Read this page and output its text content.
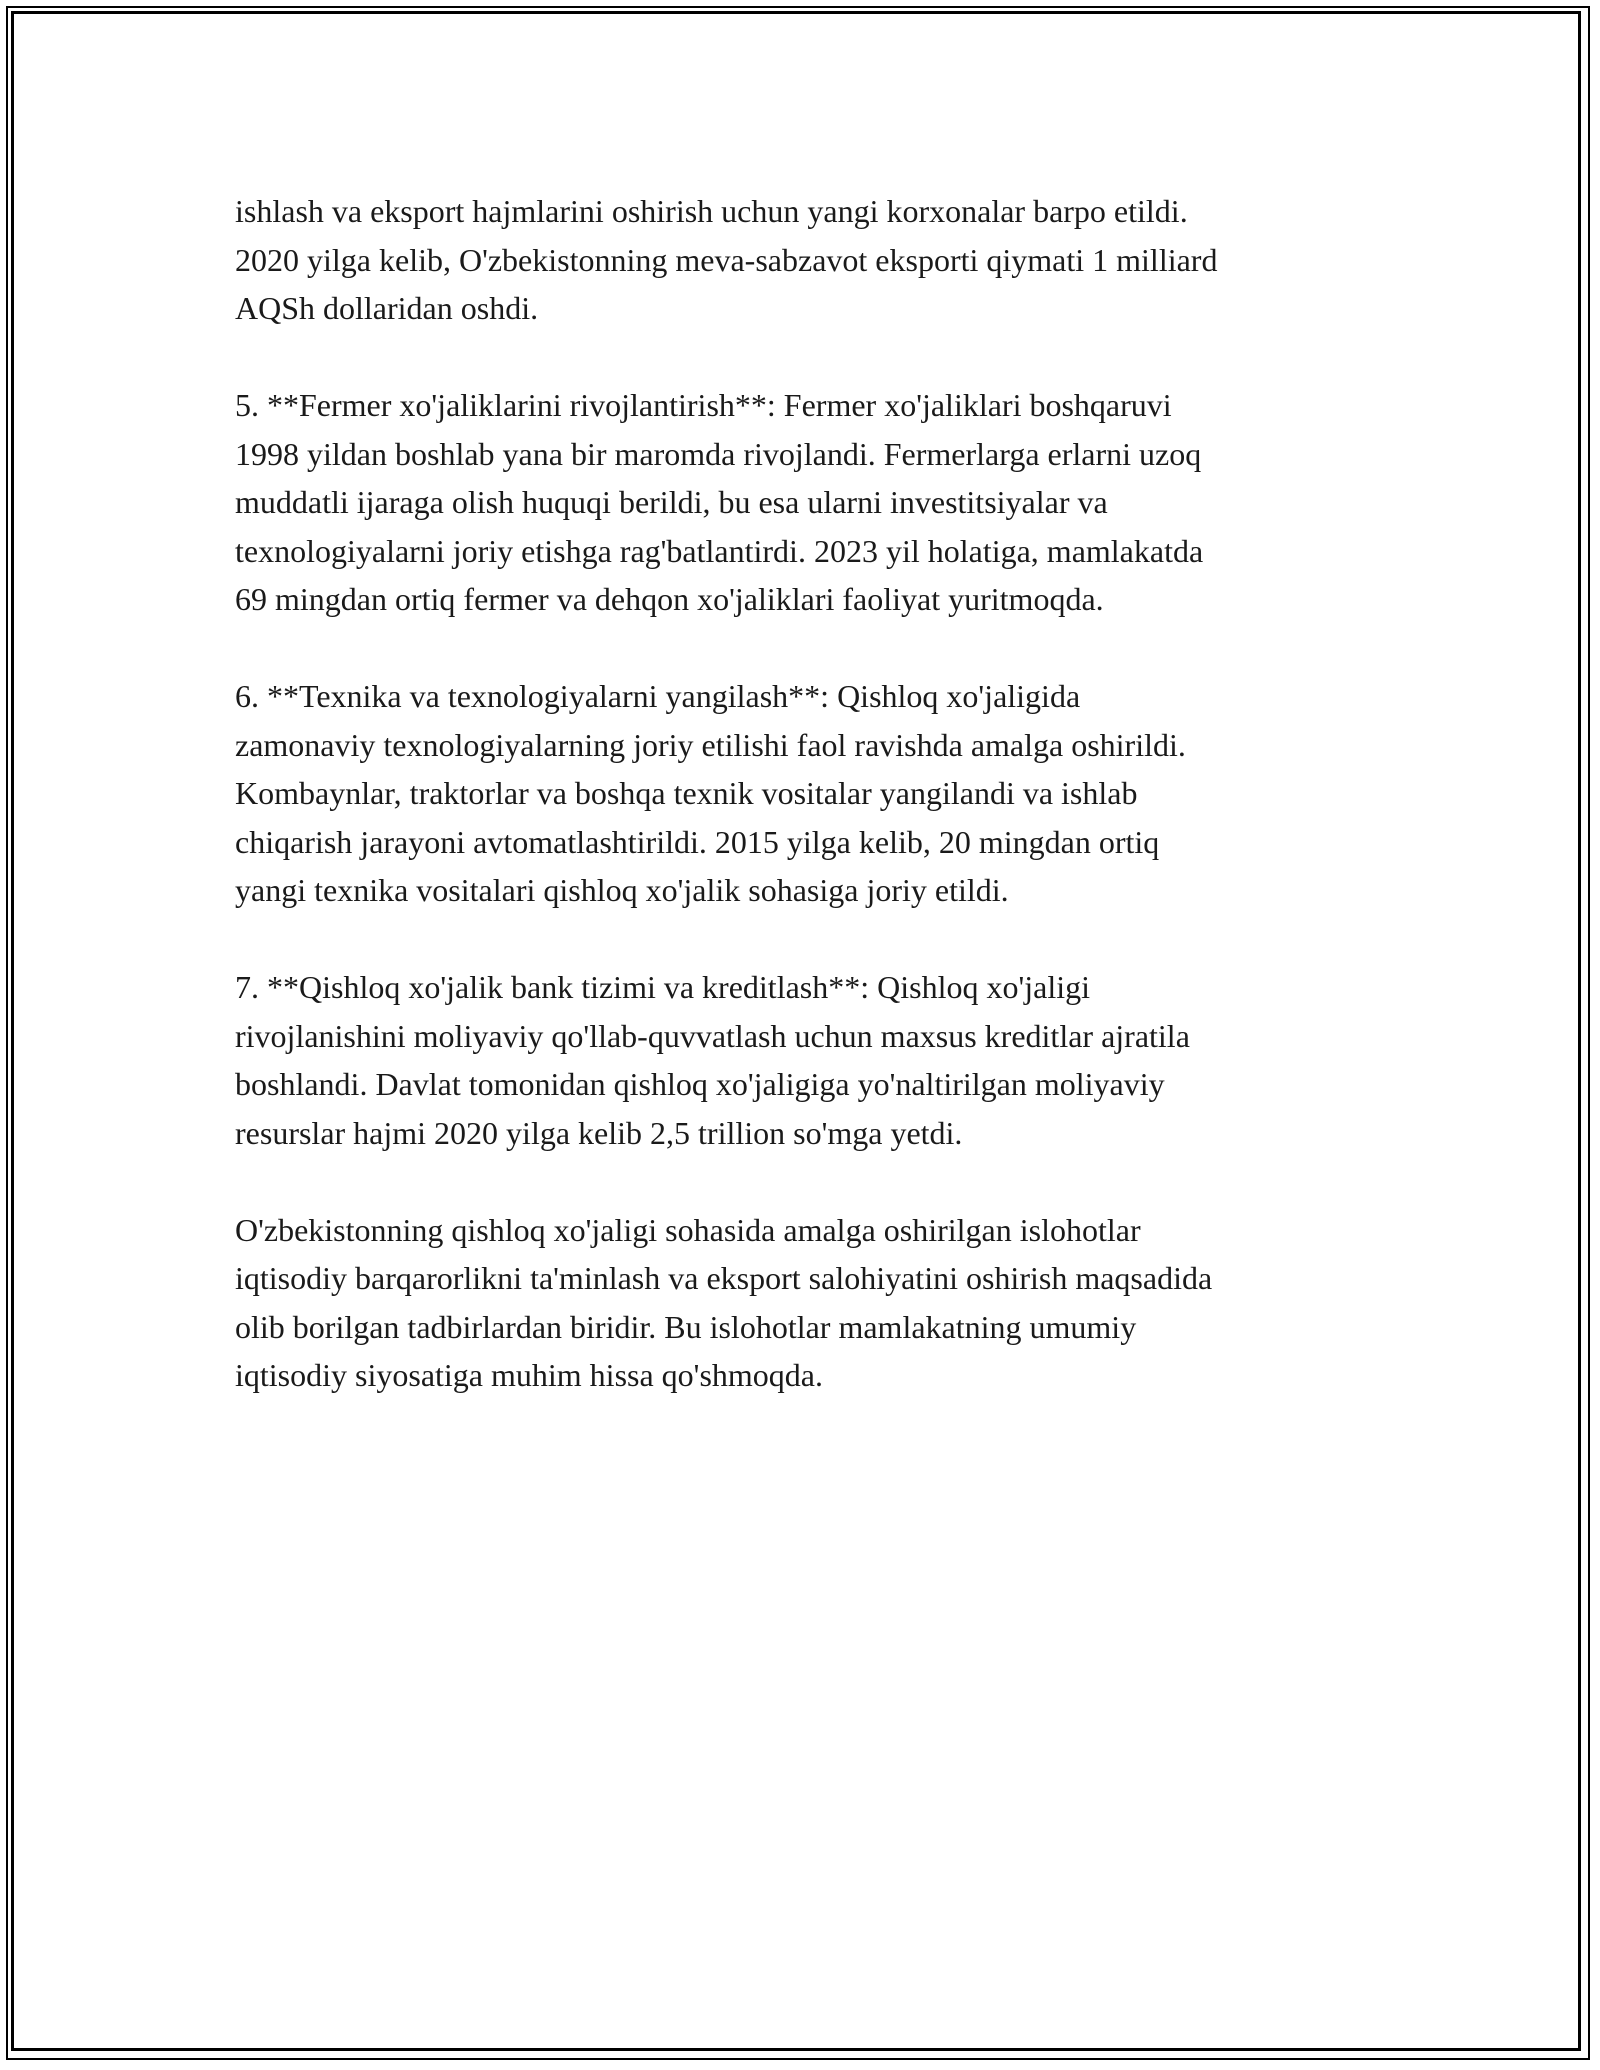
ishlash va eksport hajmlarini oshirish uchun yangi korxonalar barpo etildi.
2020 yilga kelib, O'zbekistonning meva-sabzavot eksporti qiymati 1 milliard
AQSh dollaridan oshdi.

5. **Fermer xo'jaliklarini rivojlantirish**: Fermer xo'jaliklari boshqaruvi
1998 yildan boshlab yana bir maromda rivojlandi. Fermerlarga erlarni uzoq
muddatli ijaraga olish huquqi berildi, bu esa ularni investitsiyalar va
texnologiyalarni joriy etishga rag'batlantirdi. 2023 yil holatiga, mamlakatda
69 mingdan ortiq fermer va dehqon xo'jaliklari faoliyat yuritmoqda.

6. **Texnika va texnologiyalarni yangilash**: Qishloq xo'jaligida
zamonaviy texnologiyalarning joriy etilishi faol ravishda amalga oshirildi.
Kombaynlar, traktorlar va boshqa texnik vositalar yangilandi va ishlab
chiqarish jarayoni avtomatlashtirildi. 2015 yilga kelib, 20 mingdan ortiq
yangi texnika vositalari qishloq xo'jalik sohasiga joriy etildi.

7. **Qishloq xo'jalik bank tizimi va kreditlash**: Qishloq xo'jaligi
rivojlanishini moliyaviy qo'llab-quvvatlash uchun maxsus kreditlar ajratila
boshlandi. Davlat tomonidan qishloq xo'jaligiga yo'naltirilgan moliyaviy
resurslar hajmi 2020 yilga kelib 2,5 trillion so'mga yetdi.

O'zbekistonning qishloq xo'jaligi sohasida amalga oshirilgan islohotlar
iqtisodiy barqarorlikni ta'minlash va eksport salohiyatini oshirish maqsadida
olib borilgan tadbirlardan biridir. Bu islohotlar mamlakatning umumiy
iqtisodiy siyosatiga muhim hissa qo'shmoqda.
